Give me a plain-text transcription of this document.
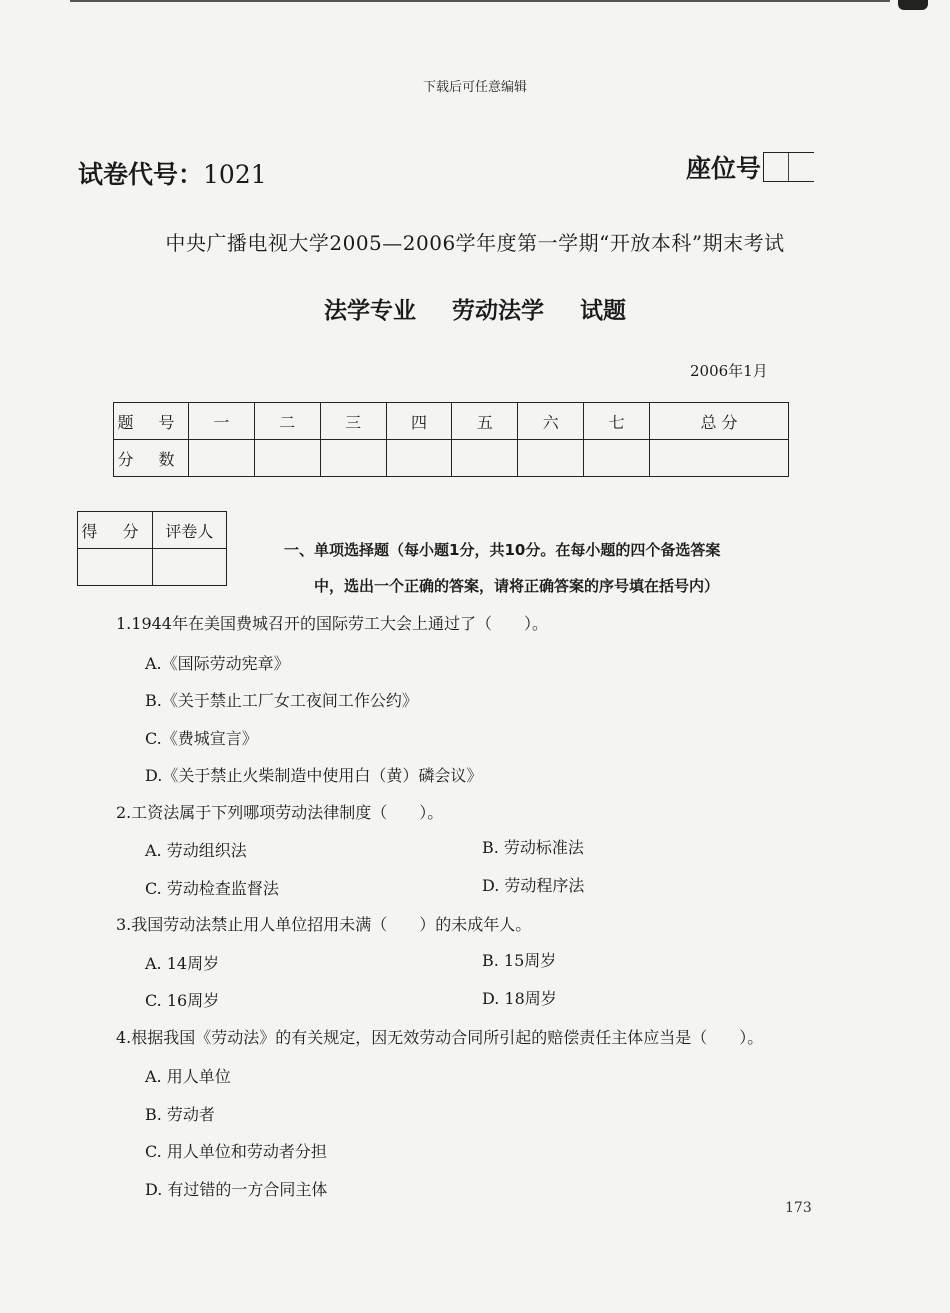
下载后可任意编辑
试卷代号：1021	座位号
中央广播电视大学2005—2006学年度第一学期“开放本科”期末考试
法学专业 劳动法学 试题
2006年1月
题 号	一	二	三	四	五	六	七	总 分
分 数								
得 分	评卷人

一、单项选择题（每小题1分，共10分。在每小题的四个备选答案
中，选出一个正确的答案，请将正确答案的序号填在括号内）
1.1944年在美国费城召开的国际劳工大会上通过了（　　）。
A.《国际劳动宪章》
B.《关于禁止工厂女工夜间工作公约》
C.《费城宣言》
D.《关于禁止火柴制造中使用白（黄）磷会议》
2.工资法属于下列哪项劳动法律制度（　　）。
A. 劳动组织法	B. 劳动标准法
C. 劳动检查监督法	D. 劳动程序法
3.我国劳动法禁止用人单位招用未满（　　）的未成年人。
A. 14周岁	B. 15周岁
C. 16周岁	D. 18周岁
4.根据我国《劳动法》的有关规定，因无效劳动合同所引起的赔偿责任主体应当是（　　）。
A. 用人单位
B. 劳动者
C. 用人单位和劳动者分担
D. 有过错的一方合同主体
173
